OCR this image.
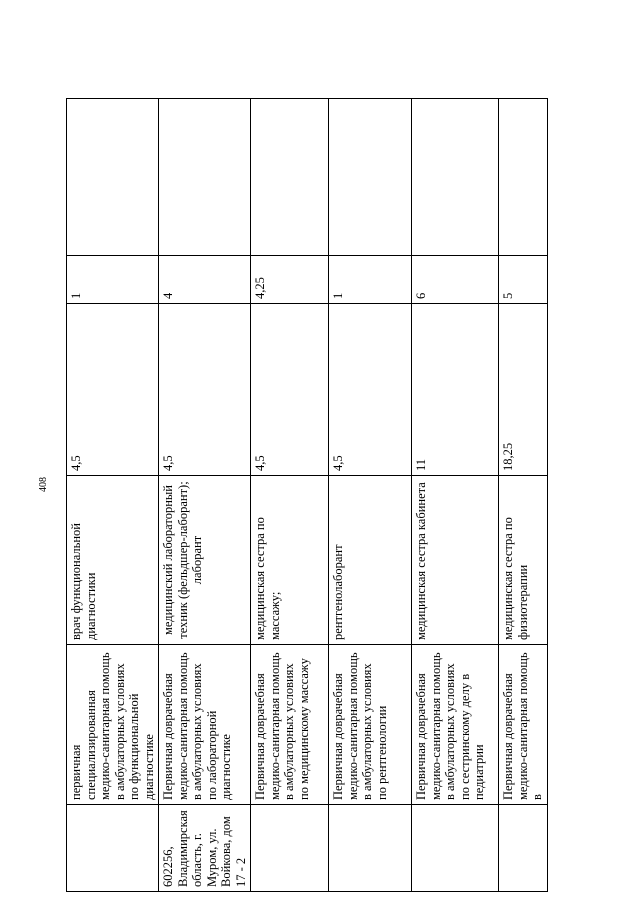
408
	первичная специализированная медико-санитарная помощь в амбулаторных условиях по функциональной диагностике	врач функциональной диагностики	4,5	1	
602256, Владимирская область, г. Муром, ул. Войкова, дом 17 - 2	Первичная доврачебная медико-санитарная помощь в амбулаторных условиях по лабораторной диагностике	медицинский лабораторный техник (фельдшер-лаборант); лаборант	4,5	4	
	Первичная доврачебная медико-санитарная помощь в амбулаторных условиях по медицинскому массажу	медицинская сестра по массажу;	4,5	4,25	
	Первичная доврачебная медико-санитарная помощь в амбулаторных условиях по рентгенологии	рентгенолаборант	4,5	1	
	Первичная доврачебная медико-санитарная помощь в амбулаторных условиях по сестринскому делу в педиатрии	медицинская сестра кабинета	11	6	
	Первичная доврачебная медико-санитарная помощь в	медицинская сестра по физиотерапии	18,25	5	
